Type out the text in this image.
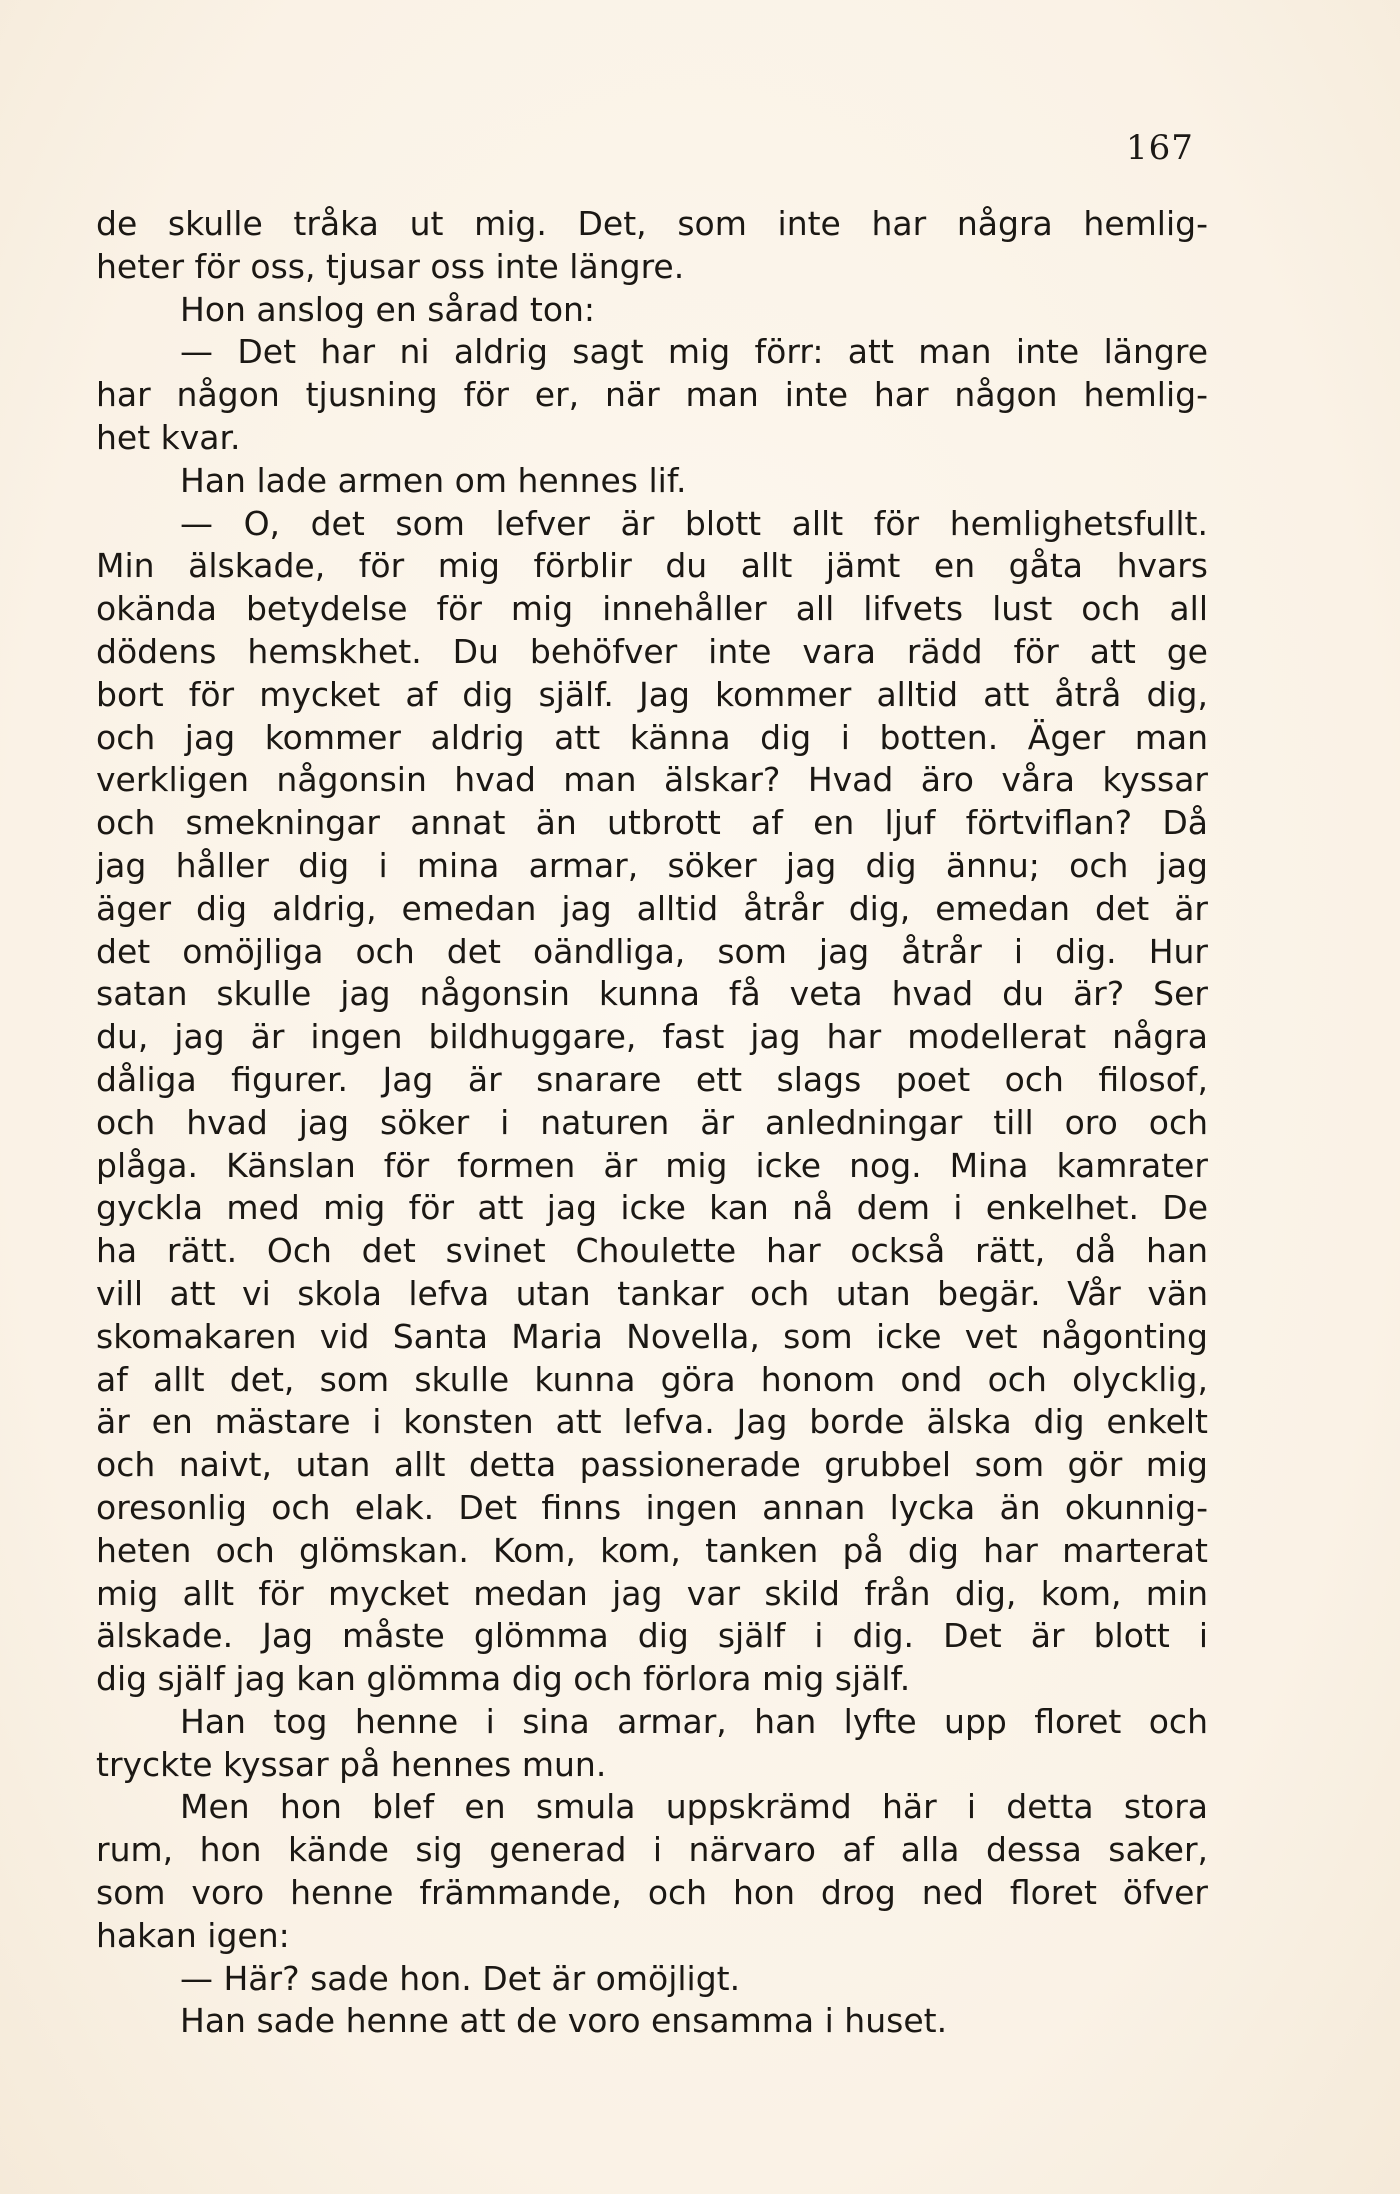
167
de skulle tråka ut mig. Det, som inte har några hemlig-
heter för oss, tjusar oss inte längre.
Hon anslog en sårad ton:
— Det har ni aldrig sagt mig förr: att man inte längre
har någon tjusning för er, när man inte har någon hemlig-
het kvar.
Han lade armen om hennes lif.
— O, det som lefver är blott allt för hemlighetsfullt.
Min älskade, för mig förblir du allt jämt en gåta hvars
okända betydelse för mig innehåller all lifvets lust och all
dödens hemskhet. Du behöfver inte vara rädd för att ge
bort för mycket af dig själf. Jag kommer alltid att åtrå dig,
och jag kommer aldrig att känna dig i botten. Äger man
verkligen någonsin hvad man älskar? Hvad äro våra kyssar
och smekningar annat än utbrott af en ljuf förtviflan? Då
jag håller dig i mina armar, söker jag dig ännu; och jag
äger dig aldrig, emedan jag alltid åtrår dig, emedan det är
det omöjliga och det oändliga, som jag åtrår i dig. Hur
satan skulle jag någonsin kunna få veta hvad du är? Ser
du, jag är ingen bildhuggare, fast jag har modellerat några
dåliga figurer. Jag är snarare ett slags poet och filosof,
och hvad jag söker i naturen är anledningar till oro och
plåga. Känslan för formen är mig icke nog. Mina kamrater
gyckla med mig för att jag icke kan nå dem i enkelhet. De
ha rätt. Och det svinet Choulette har också rätt, då han
vill att vi skola lefva utan tankar och utan begär. Vår vän
skomakaren vid Santa Maria Novella, som icke vet någonting
af allt det, som skulle kunna göra honom ond och olycklig,
är en mästare i konsten att lefva. Jag borde älska dig enkelt
och naivt, utan allt detta passionerade grubbel som gör mig
oresonlig och elak. Det finns ingen annan lycka än okunnig-
heten och glömskan. Kom, kom, tanken på dig har marterat
mig allt för mycket medan jag var skild från dig, kom, min
älskade. Jag måste glömma dig själf i dig. Det är blott i
dig själf jag kan glömma dig och förlora mig själf.
Han tog henne i sina armar, han lyfte upp floret och
tryckte kyssar på hennes mun.
Men hon blef en smula uppskrämd här i detta stora
rum, hon kände sig generad i närvaro af alla dessa saker,
som voro henne främmande, och hon drog ned floret öfver
hakan igen:
— Här? sade hon. Det är omöjligt.
Han sade henne att de voro ensamma i huset.
